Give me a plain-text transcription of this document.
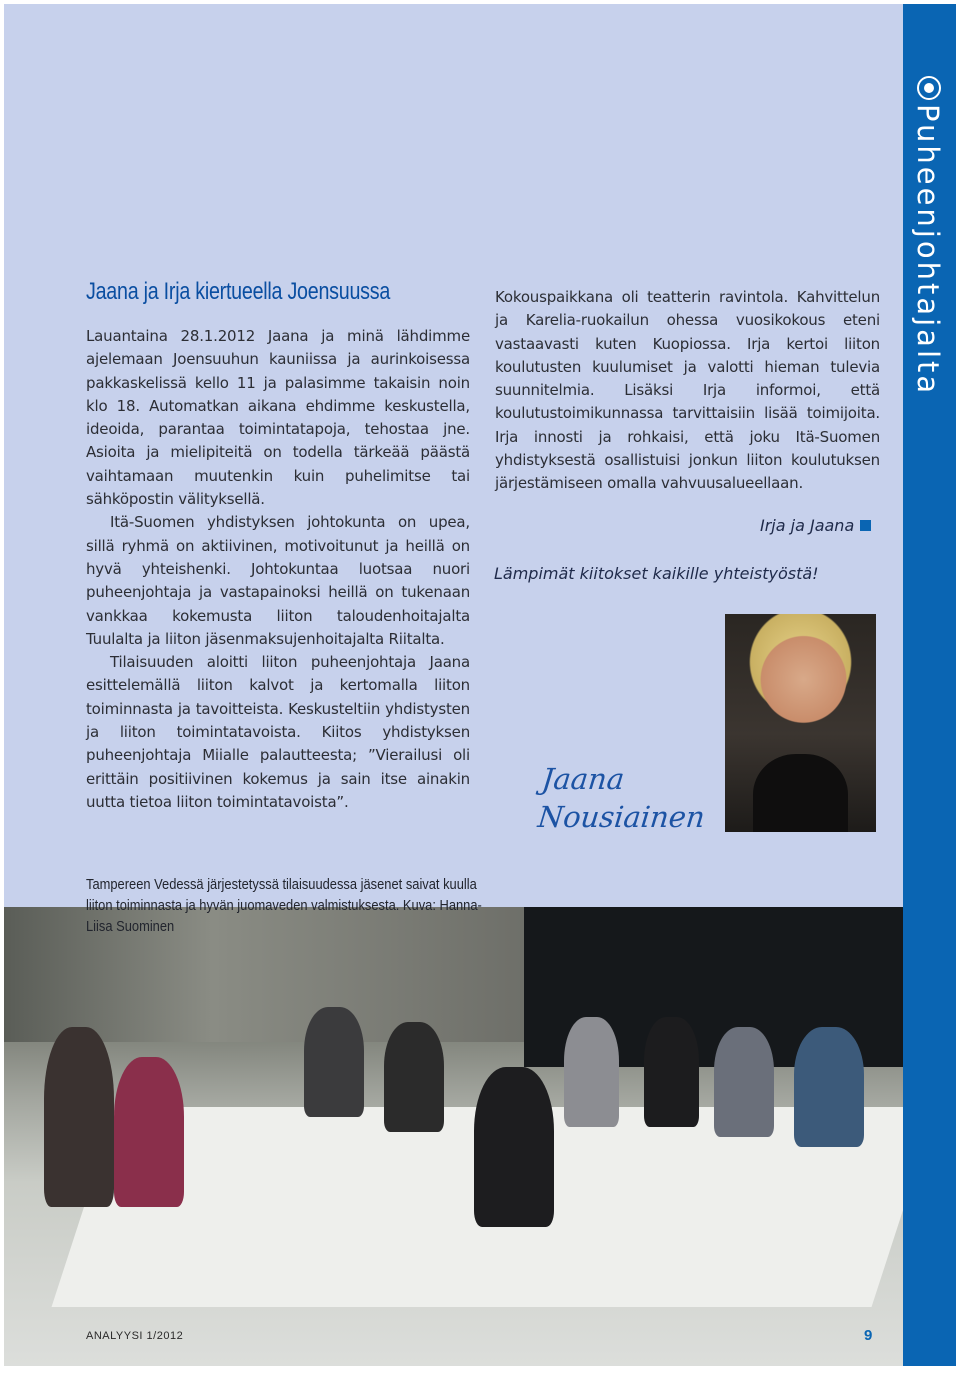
Puheenjohtajalta
Jaana ja Irja kiertueella Joensuussa

Lauantaina 28.1.2012 Jaana ja minä lähdimme ajelemaan Joensuuhun kauniissa ja aurinkoisessa pakkaskelissä kello 11 ja palasimme takaisin noin klo 18. Automatkan aikana ehdimme keskustella, ideoida, parantaa toimintatapoja, tehostaa jne. Asioita ja mielipiteitä on todella tärkeää päästä vaihtamaan muutenkin kuin puhelimitse tai sähköpostin välityksellä.

Itä-Suomen yhdistyksen johtokunta on upea, sillä ryhmä on aktiivinen, motivoitunut ja heillä on hyvä yhteishenki. Johtokuntaa luotsaa nuori puheenjohtaja ja vastapainoksi heillä on tukenaan vankkaa kokemusta liiton taloudenhoitajalta Tuulalta ja liiton jäsenmaksujenhoitajalta Riitalta.

Tilaisuuden aloitti liiton puheenjohtaja Jaana esittelemällä liiton kalvot ja kertomalla liiton toiminnasta ja tavoitteista. Keskusteltiin yhdistysten ja liiton toimintatavoista. Kiitos yhdistyksen puheenjohtaja Miialle palautteesta; ”Vierailusi oli erittäin positiivinen kokemus ja sain itse ainakin uutta tietoa liiton toimintatavoista”.

Kokouspaikkana oli teatterin ravintola. Kahvittelun ja Karelia-ruokailun ohessa vuosikokous eteni vastaavasti kuten Kuopiossa. Irja kertoi liiton koulutusten kuulumiset ja valotti hieman tulevia suunnitelmia. Lisäksi Irja informoi, että koulutustoimikunnassa tarvittaisiin lisää toimijoita. Irja innosti ja rohkaisi, että joku Itä-Suomen yhdistyksestä osallistuisi jonkun liiton koulutuksen järjestämiseen omalla vahvuusalueellaan.

Irja ja Jaana
Lämpimät kiitokset kaikille yhteistyöstä!
Jaana
Nousiainen
Tampereen Vedessä järjestetyssä tilaisuudessa jäsenet saivat kuulla liiton toiminnasta ja hyvän juomaveden valmistuksesta. Kuva: Hanna-Liisa Suominen
ANALYYSI 1/2012	9
